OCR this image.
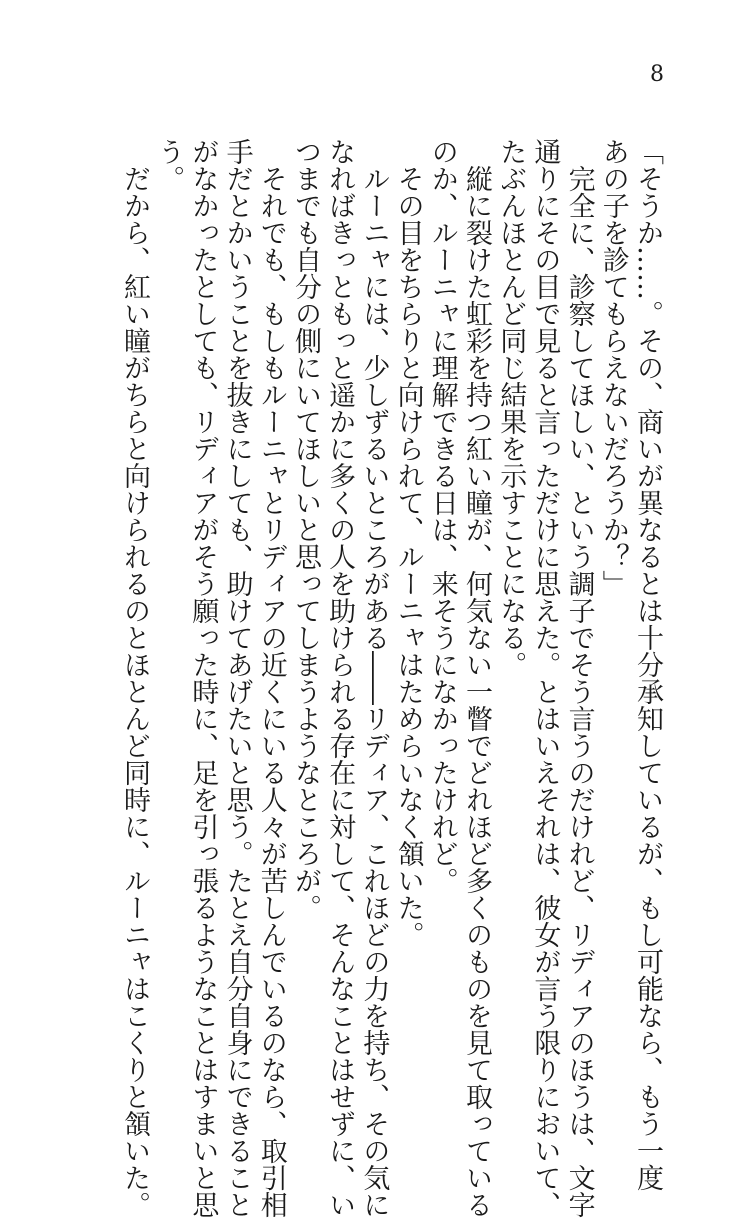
8

「そうか……。その、商いが異なるとは十分承知しているが、もし可能なら、もう一度

あの子を診てもらえないだろうか？」

　完全に、診察してほしい、という調子でそう言うのだけれど、リディアのほうは、文字

通りにその目で見ると言っただけに思えた。とはいえそれは、彼女が言う限りにおいて、

たぶんほとんど同じ結果を示すことになる。

　縦に裂けた虹彩を持つ紅い瞳が、何気ない一瞥でどれほど多くのものを見て取っている

のか、ルーニャに理解できる日は、来そうになかったけれど。

　その目をちらりと向けられて、ルーニャはためらいなく頷いた。

　ルーニャには、少しずるいところがある――リディア、これほどの力を持ち、その気に

なればきっともっと遥かに多くの人を助けられる存在に対して、そんなことはせずに、い

つまでも自分の側にいてほしいと思ってしまうようなところが。

　それでも、もしもルーニャとリディアの近くにいる人々が苦しんでいるのなら、取引相

手だとかいうことを抜きにしても、助けてあげたいと思う。たとえ自分自身にできること

がなかったとしても、リディアがそう願った時に、足を引っ張るようなことはすまいと思

う。

　だから、紅い瞳がちらと向けられるのとほとんど同時に、ルーニャはこくりと頷いた。
